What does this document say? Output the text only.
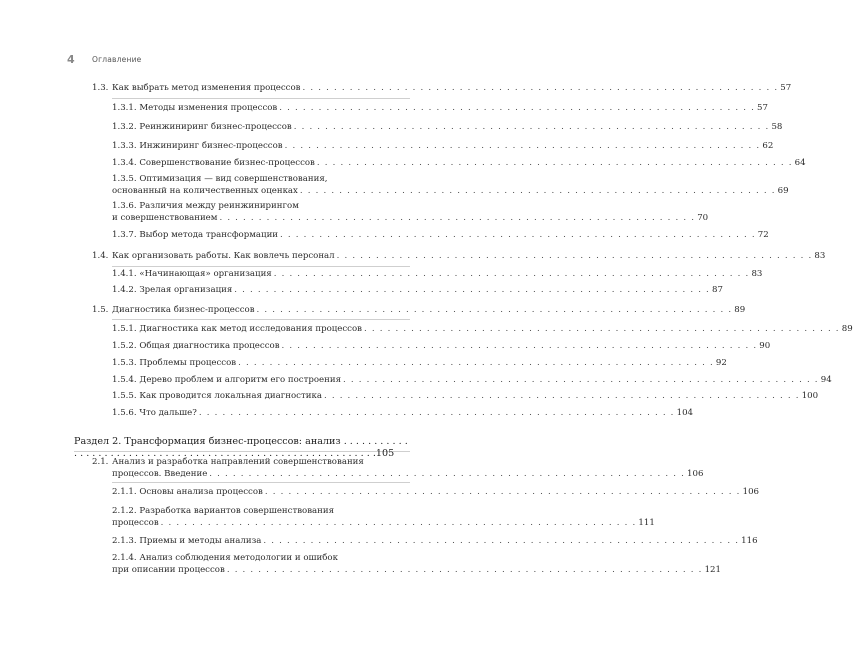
4 Оглавление
1.3. Как выбрать метод изменения процессов . . . . . . . . . . . . . . . . . . . . . . . . . . . . . . . . . . . . . . . . . . . . . . . . . . . . . . . . . . . . . 57
1.3.1. Методы изменения процессов . . . . . . . . . . . . . . . . . . . . . . . . . . . . . . . . . . . . . . . . . . . . . . . . . . . . . . . . . . . . . 57
1.3.2. Реинжиниринг бизнес-процессов . . . . . . . . . . . . . . . . . . . . . . . . . . . . . . . . . . . . . . . . . . . . . . . . . . . . . . . . . . . . . 58
1.3.3. Инжиниринг бизнес-процессов . . . . . . . . . . . . . . . . . . . . . . . . . . . . . . . . . . . . . . . . . . . . . . . . . . . . . . . . . . . . . 62
1.3.4. Совершенствование бизнес-процессов . . . . . . . . . . . . . . . . . . . . . . . . . . . . . . . . . . . . . . . . . . . . . . . . . . . . . . . . . . . . . 64
1.3.5. Оптимизация — вид совершенствования,
основанный на количественных оценках . . . . . . . . . . . . . . . . . . . . . . . . . . . . . . . . . . . . . . . . . . . . . . . . . . . . . . . . . . . . . 69
1.3.6. Различия между реинжинирингом
и совершенствованием . . . . . . . . . . . . . . . . . . . . . . . . . . . . . . . . . . . . . . . . . . . . . . . . . . . . . . . . . . . . . 70
1.3.7. Выбор метода трансформации . . . . . . . . . . . . . . . . . . . . . . . . . . . . . . . . . . . . . . . . . . . . . . . . . . . . . . . . . . . . . 72
1.4. Как организовать работы. Как вовлечь персонал . . . . . . . . . . . . . . . . . . . . . . . . . . . . . . . . . . . . . . . . . . . . . . . . . . . . . . . . . . . . . 83
1.4.1. «Начинающая» организация . . . . . . . . . . . . . . . . . . . . . . . . . . . . . . . . . . . . . . . . . . . . . . . . . . . . . . . . . . . . . 83
1.4.2. Зрелая организация . . . . . . . . . . . . . . . . . . . . . . . . . . . . . . . . . . . . . . . . . . . . . . . . . . . . . . . . . . . . . 87
1.5. Диагностика бизнес-процессов . . . . . . . . . . . . . . . . . . . . . . . . . . . . . . . . . . . . . . . . . . . . . . . . . . . . . . . . . . . . . 89
1.5.1. Диагностика как метод исследования процессов . . . . . . . . . . . . . . . . . . . . . . . . . . . . . . . . . . . . . . . . . . . . . . . . . . . . . . . . . . . . . 89
1.5.2. Общая диагностика процессов . . . . . . . . . . . . . . . . . . . . . . . . . . . . . . . . . . . . . . . . . . . . . . . . . . . . . . . . . . . . . 90
1.5.3. Проблемы процессов . . . . . . . . . . . . . . . . . . . . . . . . . . . . . . . . . . . . . . . . . . . . . . . . . . . . . . . . . . . . . 92
1.5.4. Дерево проблем и алгоритм его построения . . . . . . . . . . . . . . . . . . . . . . . . . . . . . . . . . . . . . . . . . . . . . . . . . . . . . . . . . . . . . 94
1.5.5. Как проводится локальная диагностика . . . . . . . . . . . . . . . . . . . . . . . . . . . . . . . . . . . . . . . . . . . . . . . . . . . . . . . . . . . . . 100
1.5.6. Что дальше? . . . . . . . . . . . . . . . . . . . . . . . . . . . . . . . . . . . . . . . . . . . . . . . . . . . . . . . . . . . . . 104
Раздел 2. Трансформация бизнес-процессов: анализ . . . . . . . . . . . . . . . . . . . . . . . . . . . . . . . . . . . . . . . . . . . . . . . . . . . . . . . . . . . . .105
2.1. Анализ и разработка направлений совершенствования
процессов. Введение . . . . . . . . . . . . . . . . . . . . . . . . . . . . . . . . . . . . . . . . . . . . . . . . . . . . . . . . . . . . . 106
2.1.1. Основы анализа процессов . . . . . . . . . . . . . . . . . . . . . . . . . . . . . . . . . . . . . . . . . . . . . . . . . . . . . . . . . . . . . 106
2.1.2. Разработка вариантов совершенствования
процессов . . . . . . . . . . . . . . . . . . . . . . . . . . . . . . . . . . . . . . . . . . . . . . . . . . . . . . . . . . . . . 111
2.1.3. Приемы и методы анализа . . . . . . . . . . . . . . . . . . . . . . . . . . . . . . . . . . . . . . . . . . . . . . . . . . . . . . . . . . . . . 116
2.1.4. Анализ соблюдения методологии и ошибок
при описании процессов . . . . . . . . . . . . . . . . . . . . . . . . . . . . . . . . . . . . . . . . . . . . . . . . . . . . . . . . . . . . . 121
